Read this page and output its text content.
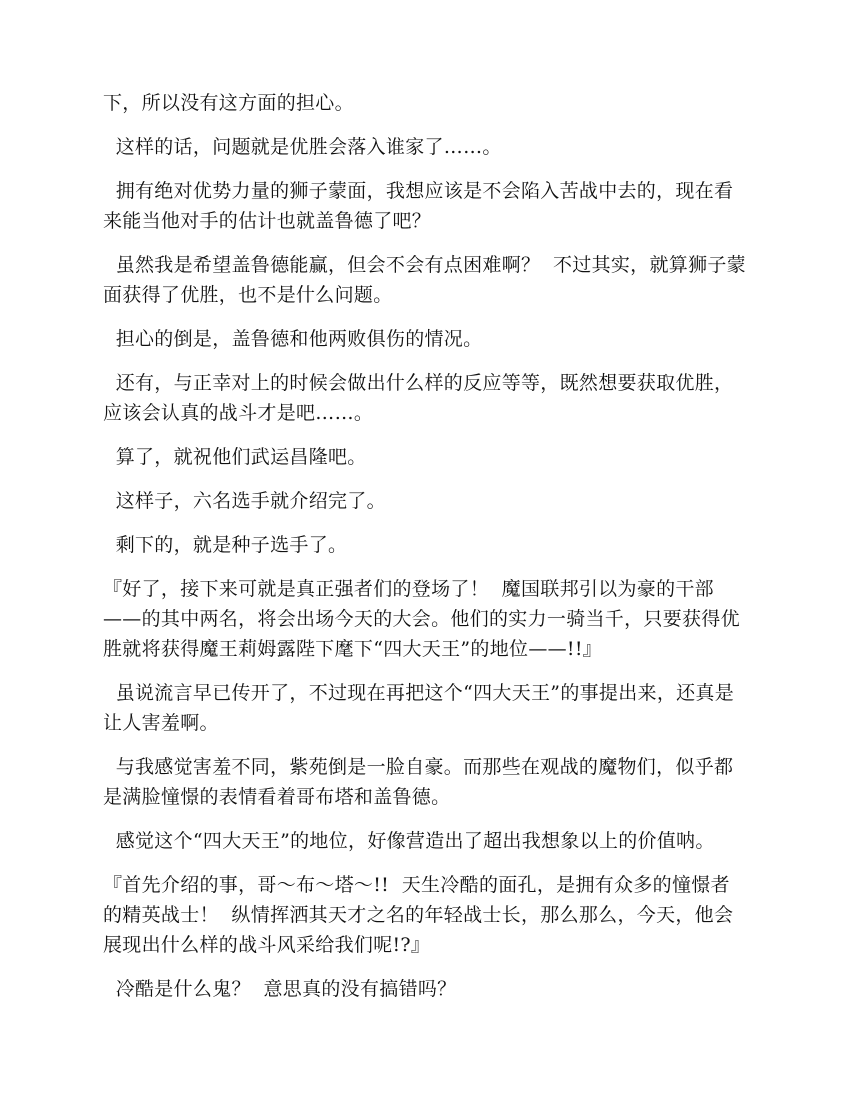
下，所以没有这方面的担心。

这样的话，问题就是优胜会落入谁家了……。

拥有绝对优势力量的狮子蒙面，我想应该是不会陷入苦战中去的，现在看来能当他对手的估计也就盖鲁德了吧？

虽然我是希望盖鲁德能赢，但会不会有点困难啊？  不过其实，就算狮子蒙面获得了优胜，也不是什么问题。

担心的倒是，盖鲁德和他两败俱伤的情况。

还有，与正幸对上的时候会做出什么样的反应等等，既然想要获取优胜，应该会认真的战斗才是吧……。

算了，就祝他们武运昌隆吧。

这样子，六名选手就介绍完了。

剩下的，就是种子选手了。

『好了，接下来可就是真正强者们的登场了！  魔国联邦引以为豪的干部——的其中两名，将会出场今天的大会。他们的实力一骑当千，只要获得优胜就将获得魔王莉姆露陛下麾下“四大天王”的地位——!!』

虽说流言早已传开了，不过现在再把这个“四大天王”的事提出来，还真是让人害羞啊。

与我感觉害羞不同，紫苑倒是一脸自豪。而那些在观战的魔物们，似乎都是满脸憧憬的表情看着哥布塔和盖鲁德。

感觉这个“四大天王”的地位，好像营造出了超出我想象以上的价值呐。

『首先介绍的事，哥～布～塔～!!  天生冷酷的面孔，是拥有众多的憧憬者的精英战士！  纵情挥洒其天才之名的年轻战士长，那么那么，今天，他会展现出什么样的战斗风采给我们呢!?』

冷酷是什么鬼？  意思真的没有搞错吗？
